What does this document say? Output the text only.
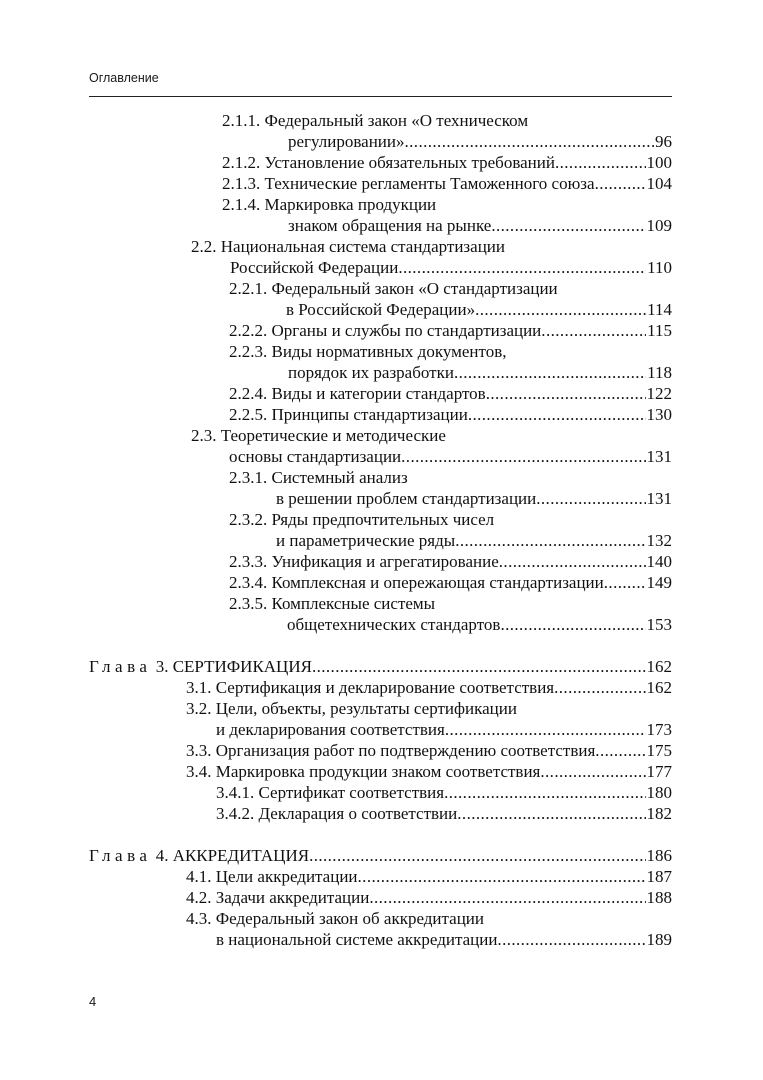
Оглавление
2.1.1. Федеральный закон «О техническом
регулировании» .....	96
2.1.2. Установление обязательных требований .....	100
2.1.3. Технические регламенты Таможенного союза .....	104
2.1.4. Маркировка продукции
знаком обращения на рынке .....	109
2.2. Национальная система стандартизации
Российской Федерации .....	110
2.2.1. Федеральный закон «О стандартизации
в Российской Федерации» .....	114
2.2.2. Органы и службы по стандартизации .....	115
2.2.3. Виды нормативных документов,
порядок их разработки .....	118
2.2.4. Виды и категории стандартов .....	122
2.2.5. Принципы стандартизации .....	130
2.3. Теоретические и методические
основы стандартизации .....	131
2.3.1. Системный анализ
в решении проблем стандартизации .....	131
2.3.2. Ряды предпочтительных чисел
и параметрические ряды .....	132
2.3.3. Унификация и агрегатирование .....	140
2.3.4. Комплексная и опережающая стандартизации .....	149
2.3.5. Комплексные системы
общетехнических стандартов .....	153
Глава 3. СЕРТИФИКАЦИЯ .....	162
3.1. Сертификация и декларирование соответствия .....	162
3.2. Цели, объекты, результаты сертификации
и декларирования соответствия .....	173
3.3. Организация работ по подтверждению соответствия .....	175
3.4. Маркировка продукции знаком соответствия .....	177
3.4.1. Сертификат соответствия .....	180
3.4.2. Декларация о соответствии .....	182
Глава 4. АККРЕДИТАЦИЯ .....	186
4.1. Цели аккредитации .....	187
4.2. Задачи аккредитации .....	188
4.3. Федеральный закон об аккредитации
в национальной системе аккредитации .....	189
4
